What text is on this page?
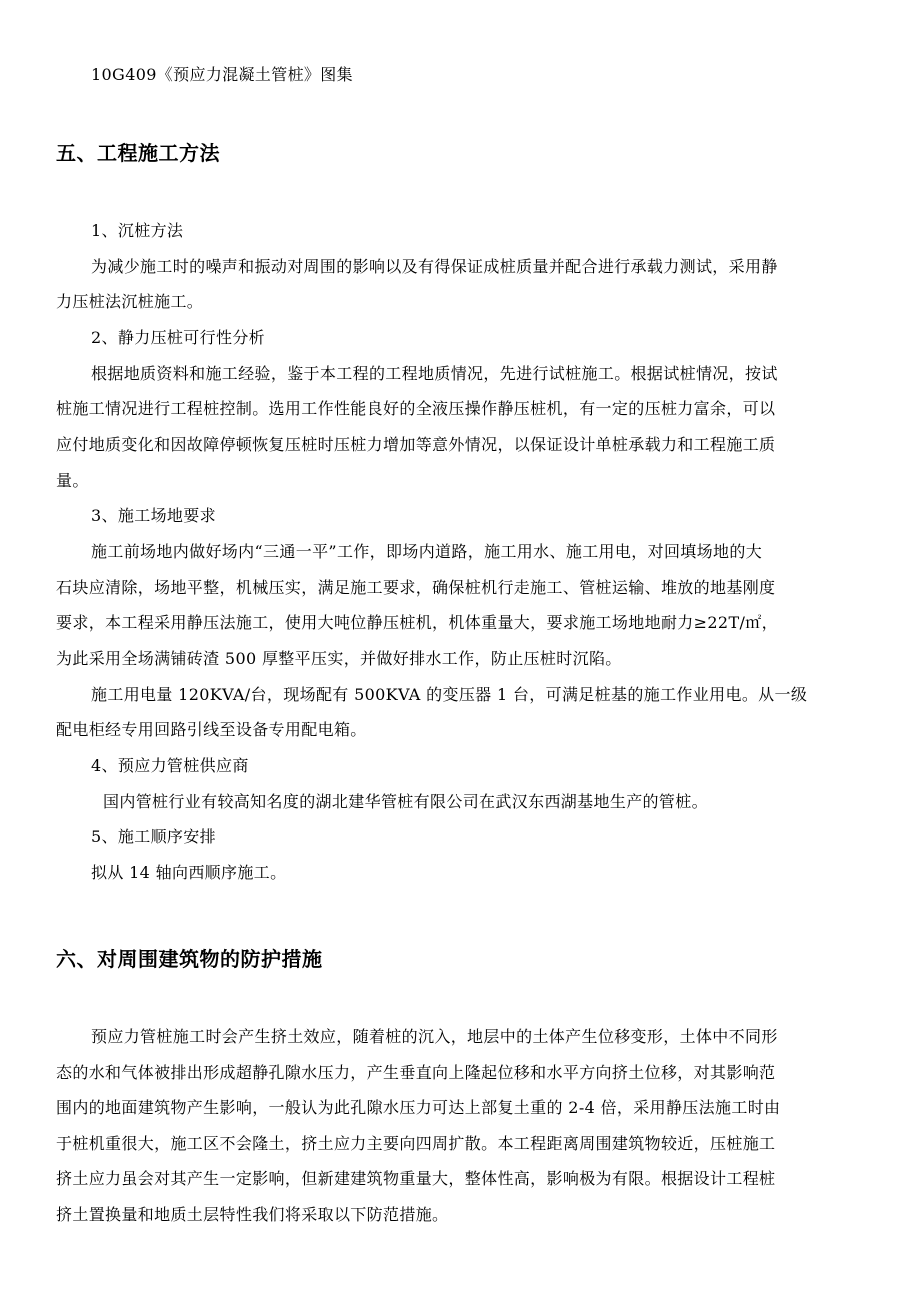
10G409《预应力混凝土管桩》图集
五、工程施工方法
1、沉桩方法
为减少施工时的噪声和振动对周围的影响以及有得保证成桩质量并配合进行承载力测试，采用静
力压桩法沉桩施工。
2、静力压桩可行性分析
根据地质资料和施工经验，鉴于本工程的工程地质情况，先进行试桩施工。根据试桩情况，按试
桩施工情况进行工程桩控制。选用工作性能良好的全液压操作静压桩机，有一定的压桩力富余，可以
应付地质变化和因故障停顿恢复压桩时压桩力增加等意外情况，以保证设计单桩承载力和工程施工质
量。
3、施工场地要求
施工前场地内做好场内“三通一平”工作，即场内道路，施工用水、施工用电，对回填场地的大
石块应清除，场地平整，机械压实，满足施工要求，确保桩机行走施工、管桩运输、堆放的地基刚度
要求，本工程采用静压法施工，使用大吨位静压桩机，机体重量大，要求施工场地地耐力≥22T/㎡，
为此采用全场满铺砖渣 500 厚整平压实，并做好排水工作，防止压桩时沉陷。
施工用电量 120KVA/台，现场配有 500KVA 的变压器 1 台，可满足桩基的施工作业用电。从一级
配电柜经专用回路引线至设备专用配电箱。
4、预应力管桩供应商
国内管桩行业有较高知名度的湖北建华管桩有限公司在武汉东西湖基地生产的管桩。
5、施工顺序安排
拟从 14 轴向西顺序施工。
六、对周围建筑物的防护措施
预应力管桩施工时会产生挤土效应，随着桩的沉入，地层中的土体产生位移变形，土体中不同形
态的水和气体被排出形成超静孔隙水压力，产生垂直向上隆起位移和水平方向挤土位移，对其影响范
围内的地面建筑物产生影响，一般认为此孔隙水压力可达上部复土重的 2-4 倍，采用静压法施工时由
于桩机重很大，施工区不会隆土，挤土应力主要向四周扩散。本工程距离周围建筑物较近，压桩施工
挤土应力虽会对其产生一定影响，但新建建筑物重量大，整体性高，影响极为有限。根据设计工程桩
挤土置换量和地质土层特性我们将采取以下防范措施。
